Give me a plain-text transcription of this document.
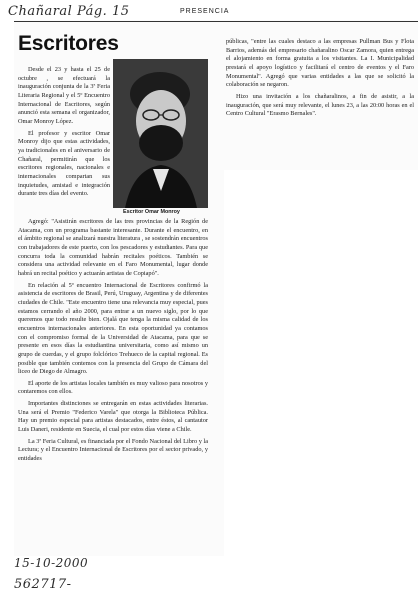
Chañaral Pág. 15	PRESENCIA
Escritores

Desde el 23 y hasta el 25 de octubre , se efectuará la inauguración conjunta de la 3ª Feria Literaria Regional y el 5º Encuentro Internacional de Escritores, según anunció esta semana el organizador, Omar Monroy López.

El profesor y escritor Omar Monroy dijo que estas actividades, ya tradicionales en el aniversario de Chañaral, permitirán que los escritores regionales, nacionales e internacionales compartan sus inquietudes, amistad e integración durante tres días del evento.

Escritor Omar Monroy

Agregó: "Asistirán escritores de las tres provincias de la Región de Atacama, con un programa bastante interesante. Durante el encuentro, en el ámbito regional se analizará nuestra literatura , se sostendrán encuentros con trabajadores de este puerto, con los pescadores y estudiantes. Para que concurra toda la comunidad habrán recitales poéticos. También se considera una actividad relevante en el Faro Monumental, lugar donde habrá un recital poético y actuarán artistas de Copiapó".

En relación al 5º encuentro Internacional de Escritores confirmó la asistencia de escritores de Brasil, Perú, Uruguay, Argentina y de diferentes ciudades de Chile. "Este encuentro tiene una relevancia muy especial, pues estamos cerrando el año 2000, para entrar a un nuevo siglo, por lo que queremos que todo resulte bien. Ojalá que tenga la misma calidad de los encuentros internacionales anteriores. En esta oportunidad ya contamos con el compromiso formal de la Universidad de Atacama, para que se presente en esos días la estudiantina universitaria, como así mismo un grupo de cuerdas, y el grupo folclórico Trehueco de la capital regional. Es posible que también contemos con la presencia del Grupo de Cámara del liceo de Diego de Almagro.

El aporte de los artistas locales también es muy valioso para nosotros y contaremos con ellos.

Importantes distinciones se entregarán en estas actividades literarias. Una será el Premio "Federico Varela" que otorga la Biblioteca Pública. Hay un premio especial para artistas destacados, entre éstos, al cantautor Luis Daneri, residente en Suecia, el cual por estos días viene a Chile.

La 3ª Feria Cultural, es financiada por el Fondo Nacional del Libro y la Lectura; y el Encuentro Internacional de Escritores por el sector privado, y entidades

públicas, "entre las cuales destaco a las empresas Pullman Bus y Flota Barrios, además del empresario chañaralino Oscar Zamora, quien entrega el alojamiento en forma gratuita a los visitantes. La I. Municipalidad prestará el apoyo logístico y facilitará el centro de eventos y el Faro Monumental". Agregó que varias entidades a las que se solicitó la colaboración se negaron.

Hizo una invitación a los chañaralinos, a fin de asistir, a la inauguración, que será muy relevante, el lunes 23, a las 20:00 horas en el Centro Cultural "Erasmo Bernales".

15-10-2000
562717-
